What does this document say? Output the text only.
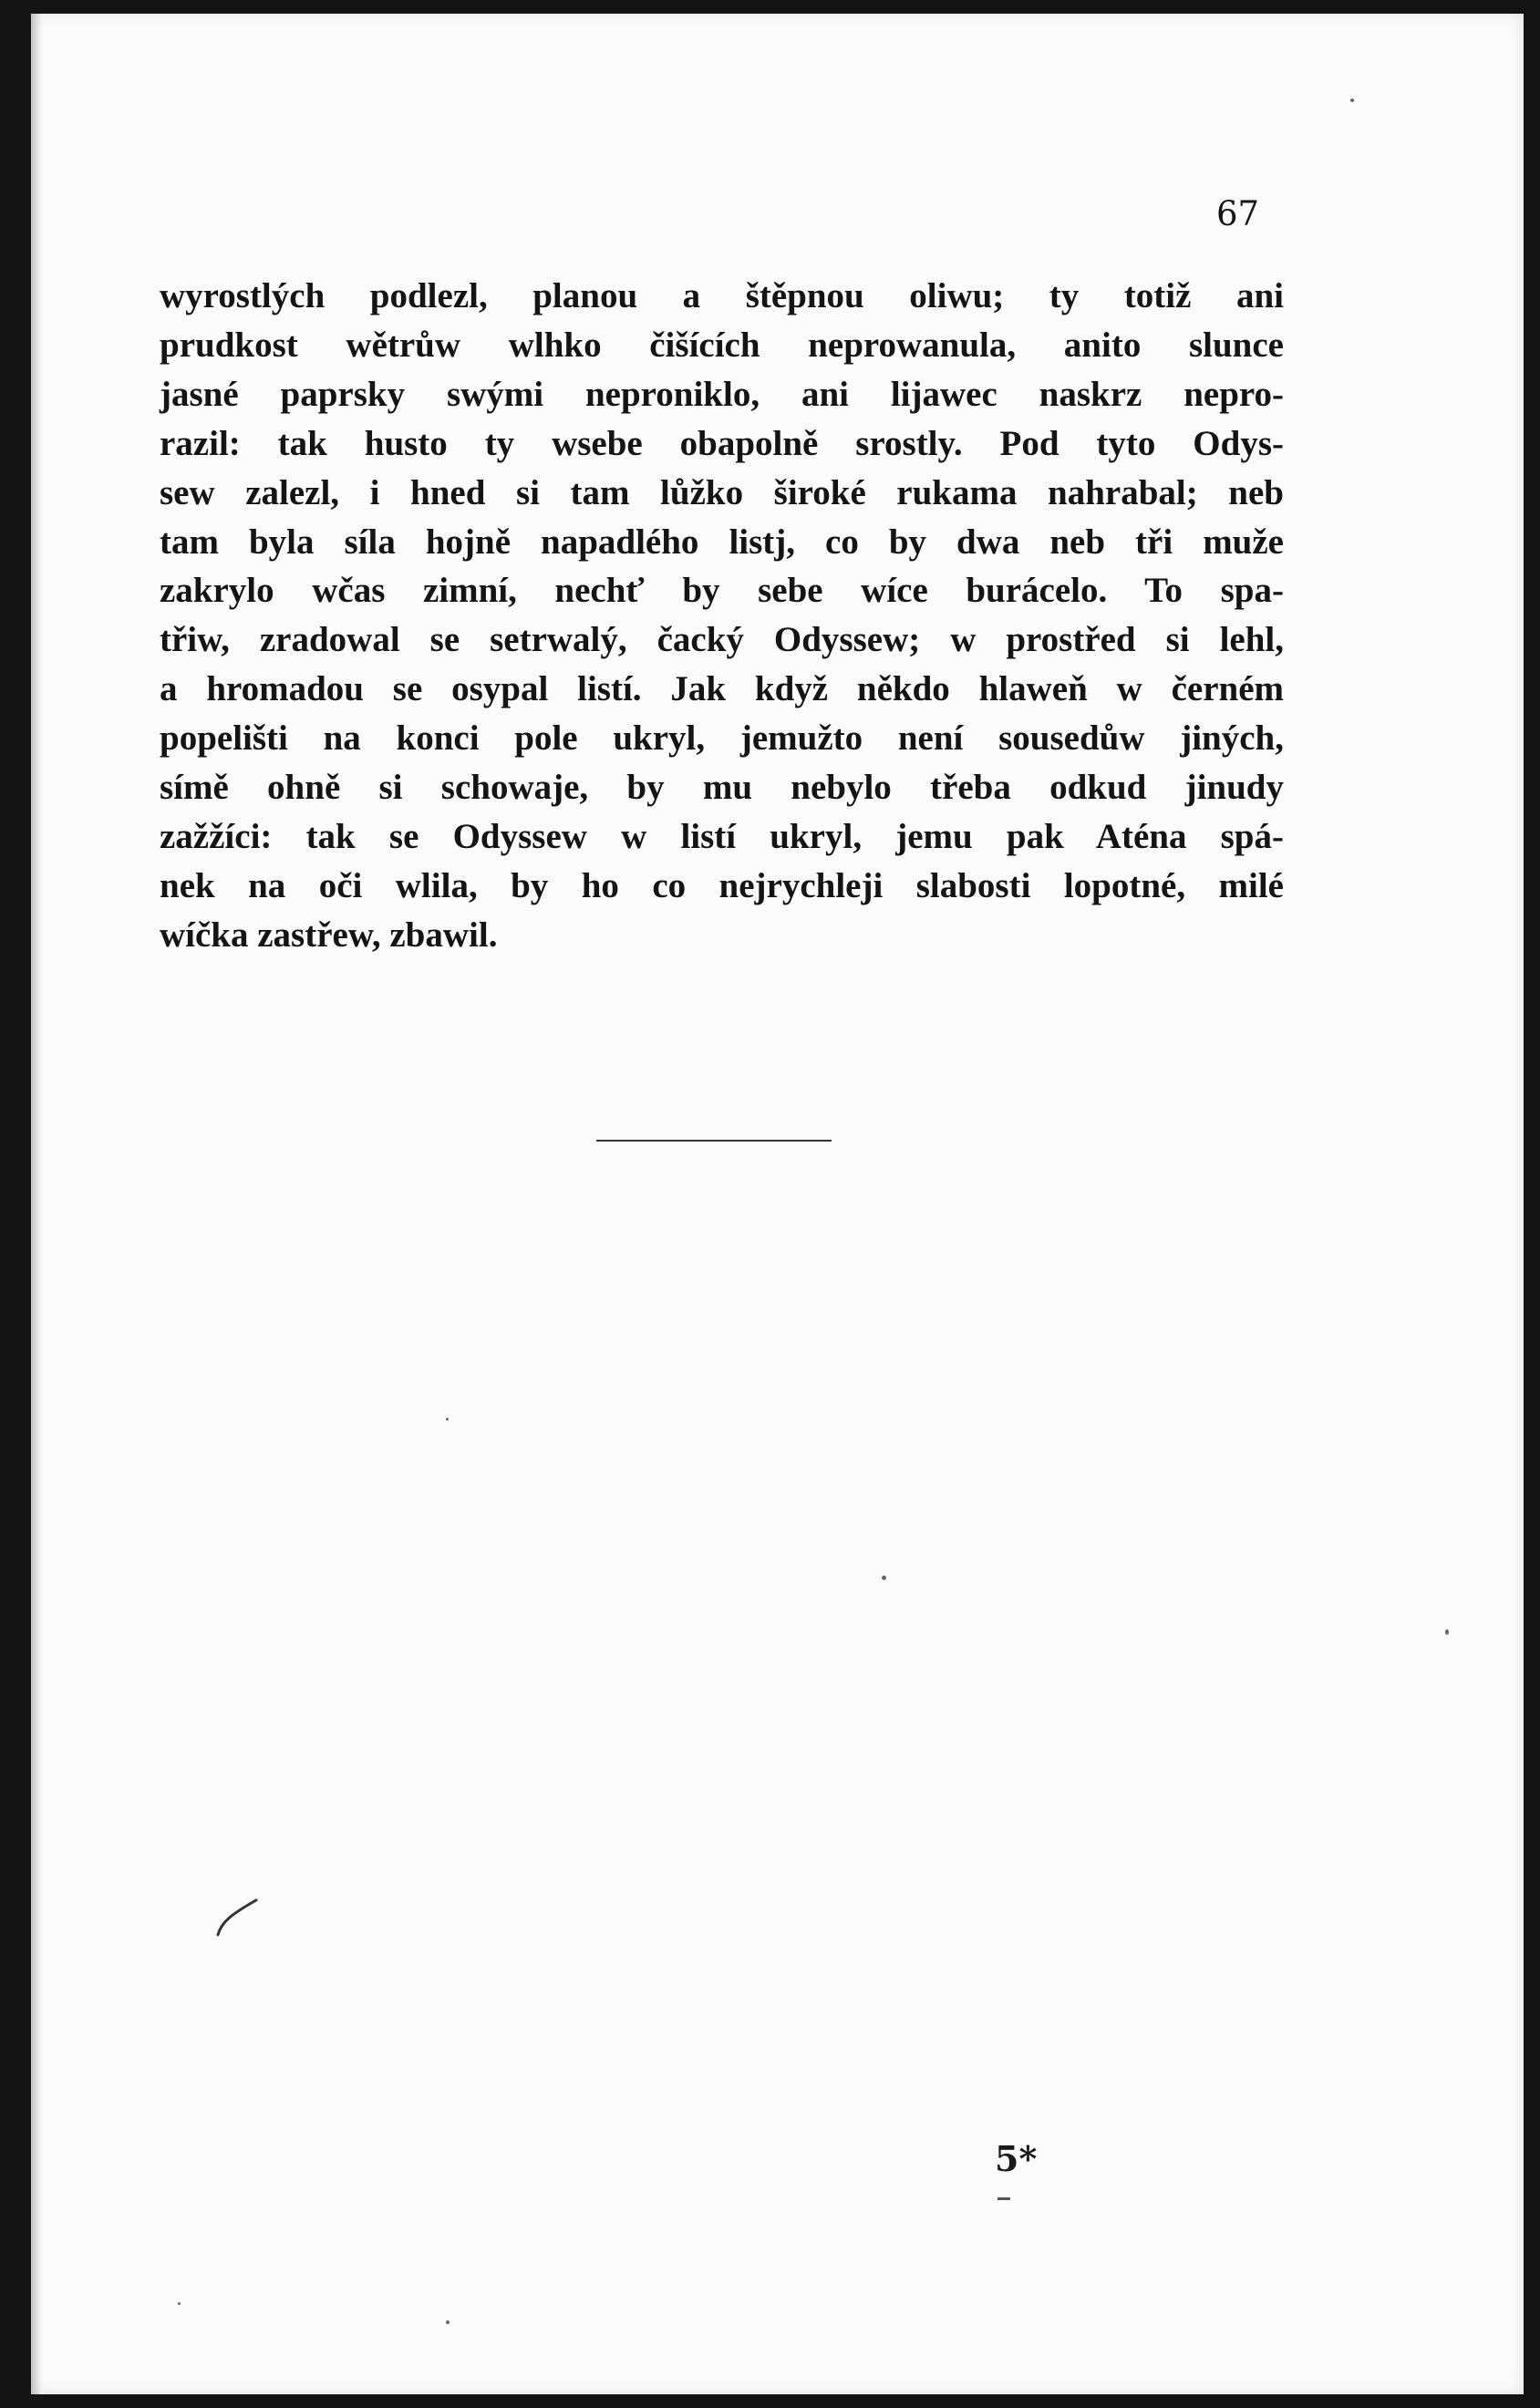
67

wyrostlých podlezl, planou a štěpnou oliwu; ty totiž ani
prudkost wětrůw wlhko čišících neprowanula, anito slunce
jasné paprsky swými neproniklo, ani lijawec naskrz nepro-
razil: tak husto ty wsebe obapolně srostly. Pod tyto Odys-
sew zalezl, i hned si tam lůžko široké rukama nahrabal; neb
tam byla síla hojně napadlého listj, co by dwa neb tři muže
zakrylo wčas zimní, nechť by sebe wíce burácelo. To spa-
třiw, zradowal se setrwalý, čacký Odyssew; w prostřed si lehl,
a hromadou se osypal listí. Jak když někdo hlaweň w černém
popelišti na konci pole ukryl, jemužto není sousedůw jiných,
símě ohně si schowaje, by mu nebylo třeba odkud jinudy
zažžíci: tak se Odyssew w listí ukryl, jemu pak Aténa spá-
nek na oči wlila, by ho co nejrychleji slabosti lopotné, milé
wíčka zastřew, zbawil.

5*
